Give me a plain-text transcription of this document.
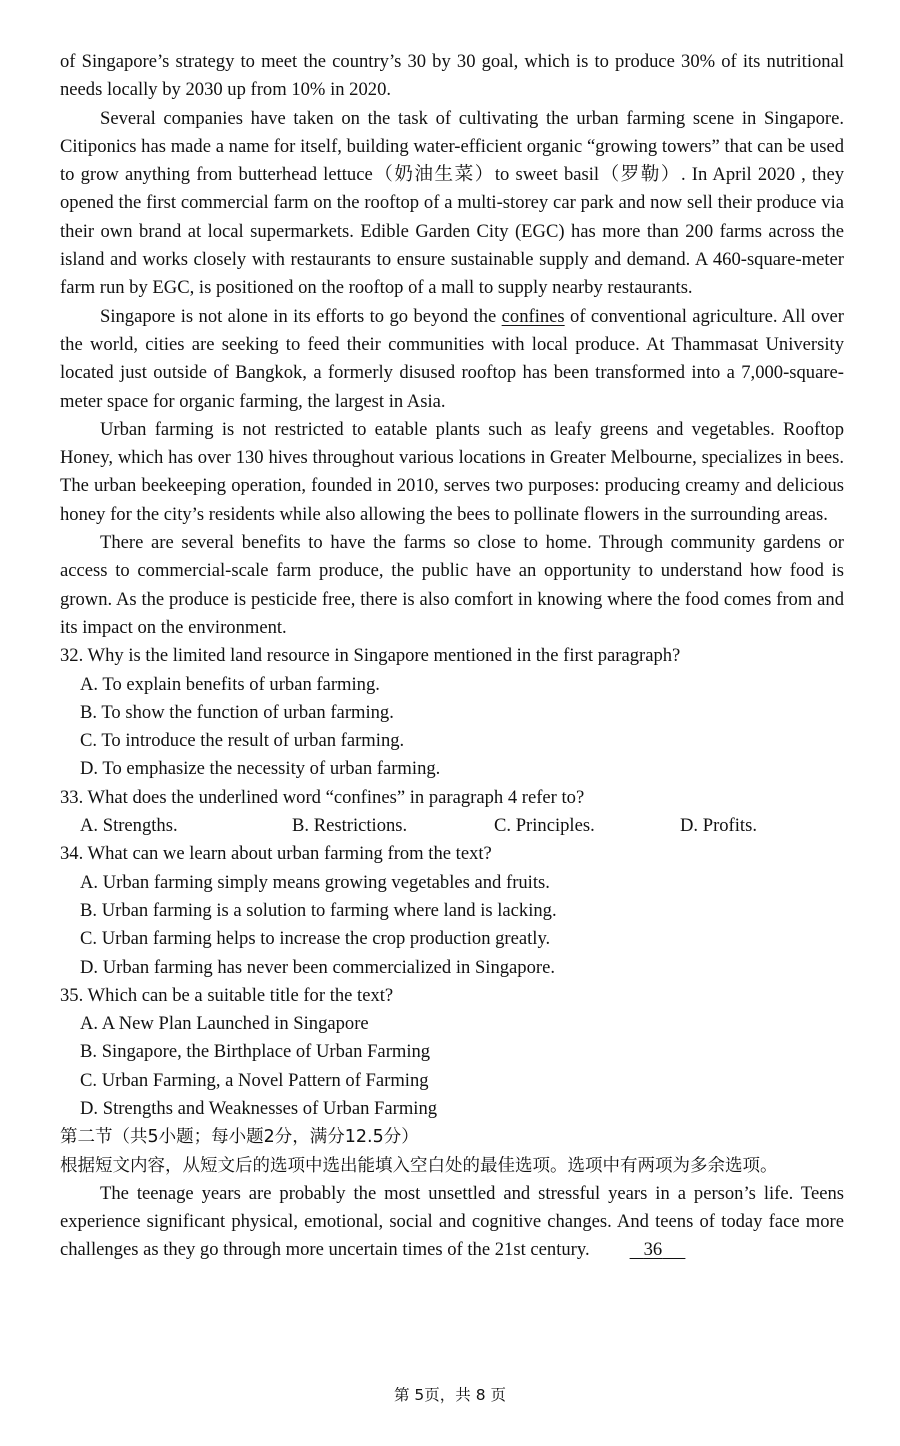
of Singapore’s strategy to meet the country’s 30 by 30 goal, which is to produce 30% of its nutritional needs locally by 2030 up from 10% in 2020.

Several companies have taken on the task of cultivating the urban farming scene in Singapore. Citiponics has made a name for itself, building water-efficient organic “growing towers” that can be used to grow anything from butterhead lettuce（奶油生菜）to sweet basil（罗勒）. In April 2020 , they opened the first commercial farm on the rooftop of a multi-storey car park and now sell their produce via their own brand at local supermarkets. Edible Garden City (EGC) has more than 200 farms across the island and works closely with restaurants to ensure sustainable supply and demand. A 460-square-meter farm run by EGC, is positioned on the rooftop of a mall to supply nearby restaurants.

Singapore is not alone in its efforts to go beyond the confines of conventional agriculture. All over the world, cities are seeking to feed their communities with local produce. At Thammasat University located just outside of Bangkok, a formerly disused rooftop has been transformed into a 7,000-square-meter space for organic farming, the largest in Asia.

Urban farming is not restricted to eatable plants such as leafy greens and vegetables. Rooftop Honey, which has over 130 hives throughout various locations in Greater Melbourne, specializes in bees. The urban beekeeping operation, founded in 2010, serves two purposes: producing creamy and delicious honey for the city’s residents while also allowing the bees to pollinate flowers in the surrounding areas.

There are several benefits to have the farms so close to home. Through community gardens or access to commercial-scale farm produce, the public have an opportunity to understand how food is grown. As the produce is pesticide free, there is also comfort in knowing where the food comes from and its impact on the environment.

32. Why is the limited land resource in Singapore mentioned in the first paragraph?

A. To explain benefits of urban farming.

B. To show the function of urban farming.

C. To introduce the result of urban farming.

D. To emphasize the necessity of urban farming.

33. What does the underlined word “confines” in paragraph 4 refer to?

A. Strengths.	B. Restrictions.	C. Principles.	D. Profits.

34. What can we learn about urban farming from the text?

A. Urban farming simply means growing vegetables and fruits.

B. Urban farming is a solution to farming where land is lacking.

C. Urban farming helps to increase the crop production greatly.

D. Urban farming has never been commercialized in Singapore.

35. Which can be a suitable title for the text?

A. A New Plan Launched in Singapore

B. Singapore, the Birthplace of Urban Farming

C. Urban Farming, a Novel Pattern of Farming

D. Strengths and Weaknesses of Urban Farming

第二节（共5小题；每小题2分，满分12.5分）

根据短文内容，从短文后的选项中选出能填入空白处的最佳选项。选项中有两项为多余选项。

The teenage years are probably the most unsettled and stressful years in a person’s life. Teens experience significant physical, emotional, social and cognitive changes. And teens of today face more challenges as they go through more uncertain times of the 21st century.	36

第 5页，共 8 页
